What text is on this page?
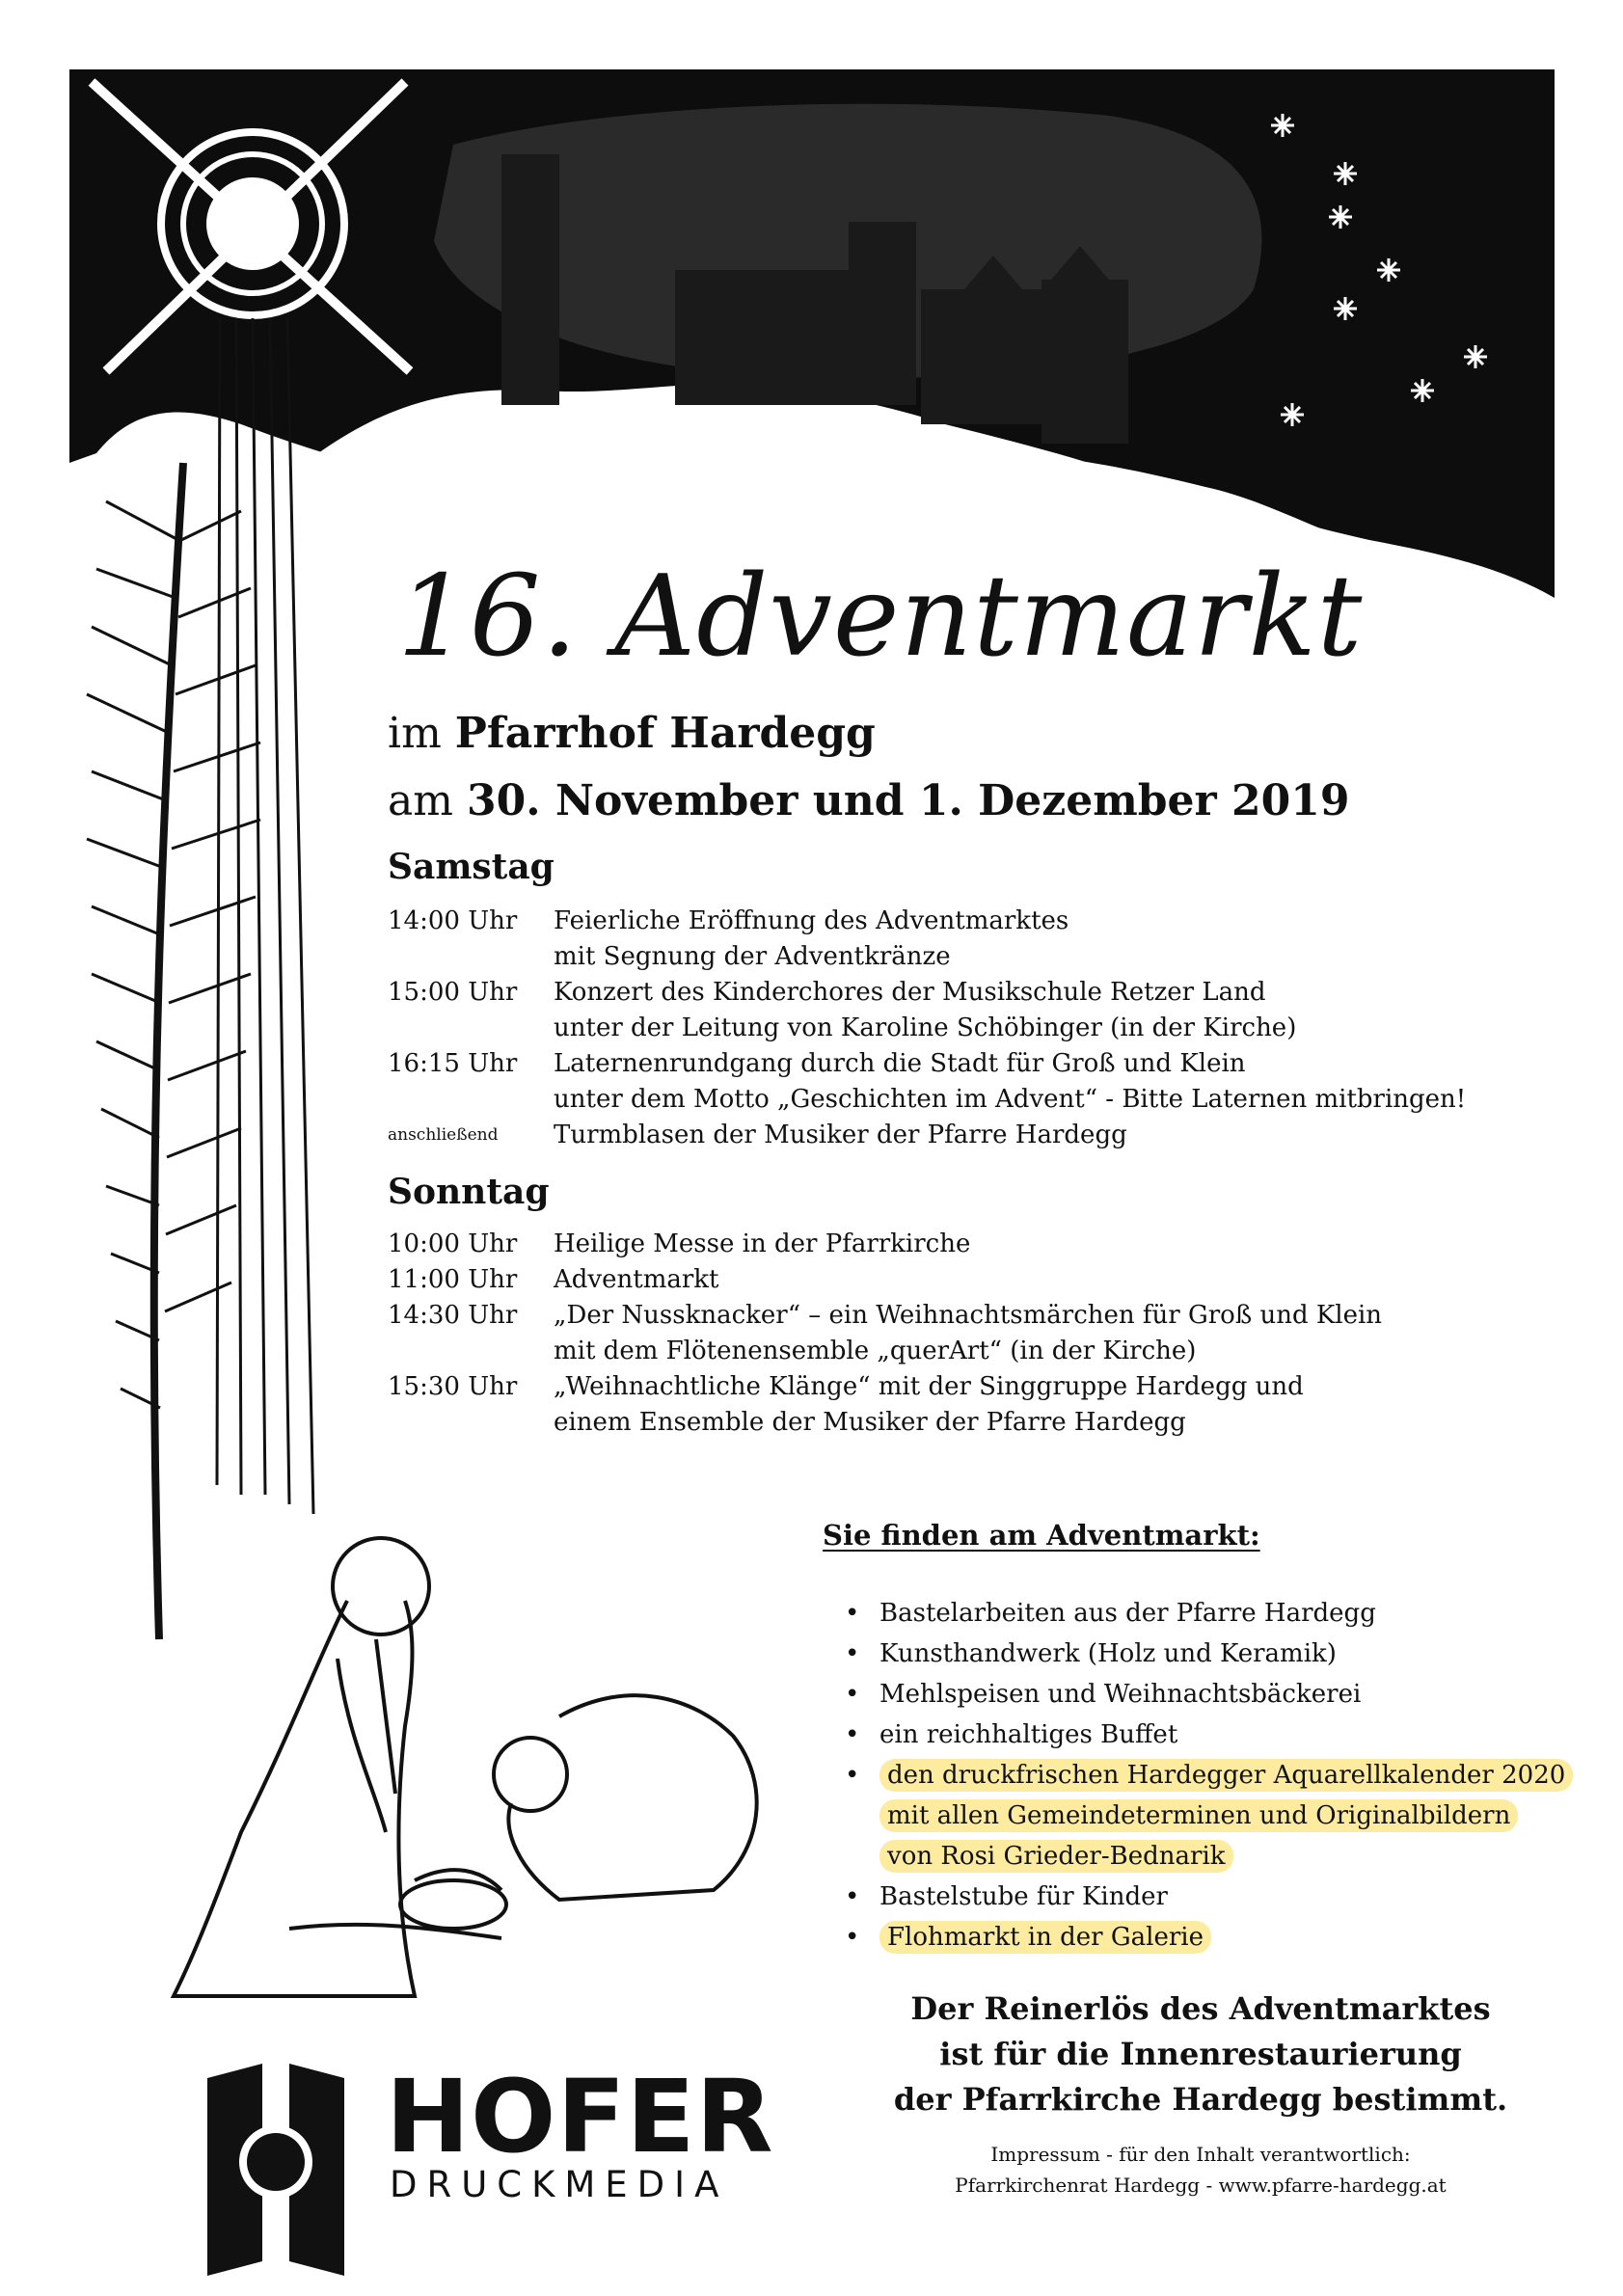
16. Adventmarkt
im Pfarrhof Hardegg
am 30. November und 1. Dezember 2019
Samstag
14:00 Uhr	Feierliche Eröffnung des Adventmarktes
mit Segnung der Adventkränze
15:00 Uhr	Konzert des Kinderchores der Musikschule Retzer Land
unter der Leitung von Karoline Schöbinger (in der Kirche)
16:15 Uhr	Laternenrundgang durch die Stadt für Groß und Klein
unter dem Motto „Geschichten im Advent“ - Bitte Laternen mitbringen!
anschließend	Turmblasen der Musiker der Pfarre Hardegg
Sonntag
10:00 Uhr	Heilige Messe in der Pfarrkirche
11:00 Uhr	Adventmarkt
14:30 Uhr	„Der Nussknacker“ – ein Weihnachtsmärchen für Groß und Klein
mit dem Flötenensemble „querArt“ (in der Kirche)
15:30 Uhr	„Weihnachtliche Klänge“ mit der Singgruppe Hardegg und
einem Ensemble der Musiker der Pfarre Hardegg
Sie finden am Adventmarkt:
• Bastelarbeiten aus der Pfarre Hardegg
• Kunsthandwerk (Holz und Keramik)
• Mehlspeisen und Weihnachtsbäckerei
• ein reichhaltiges Buffet
• den druckfrischen Hardegger Aquarellkalender 2020
mit allen Gemeindeterminen und Originalbildern
von Rosi Grieder-Bednarik
• Bastelstube für Kinder
• Flohmarkt in der Galerie
Der Reinerlös des Adventmarktes
ist für die Innenrestaurierung
der Pfarrkirche Hardegg bestimmt.
Impressum - für den Inhalt verantwortlich:
Pfarrkirchenrat Hardegg - www.pfarre-hardegg.at
HOFER
DRUCKMEDIA
